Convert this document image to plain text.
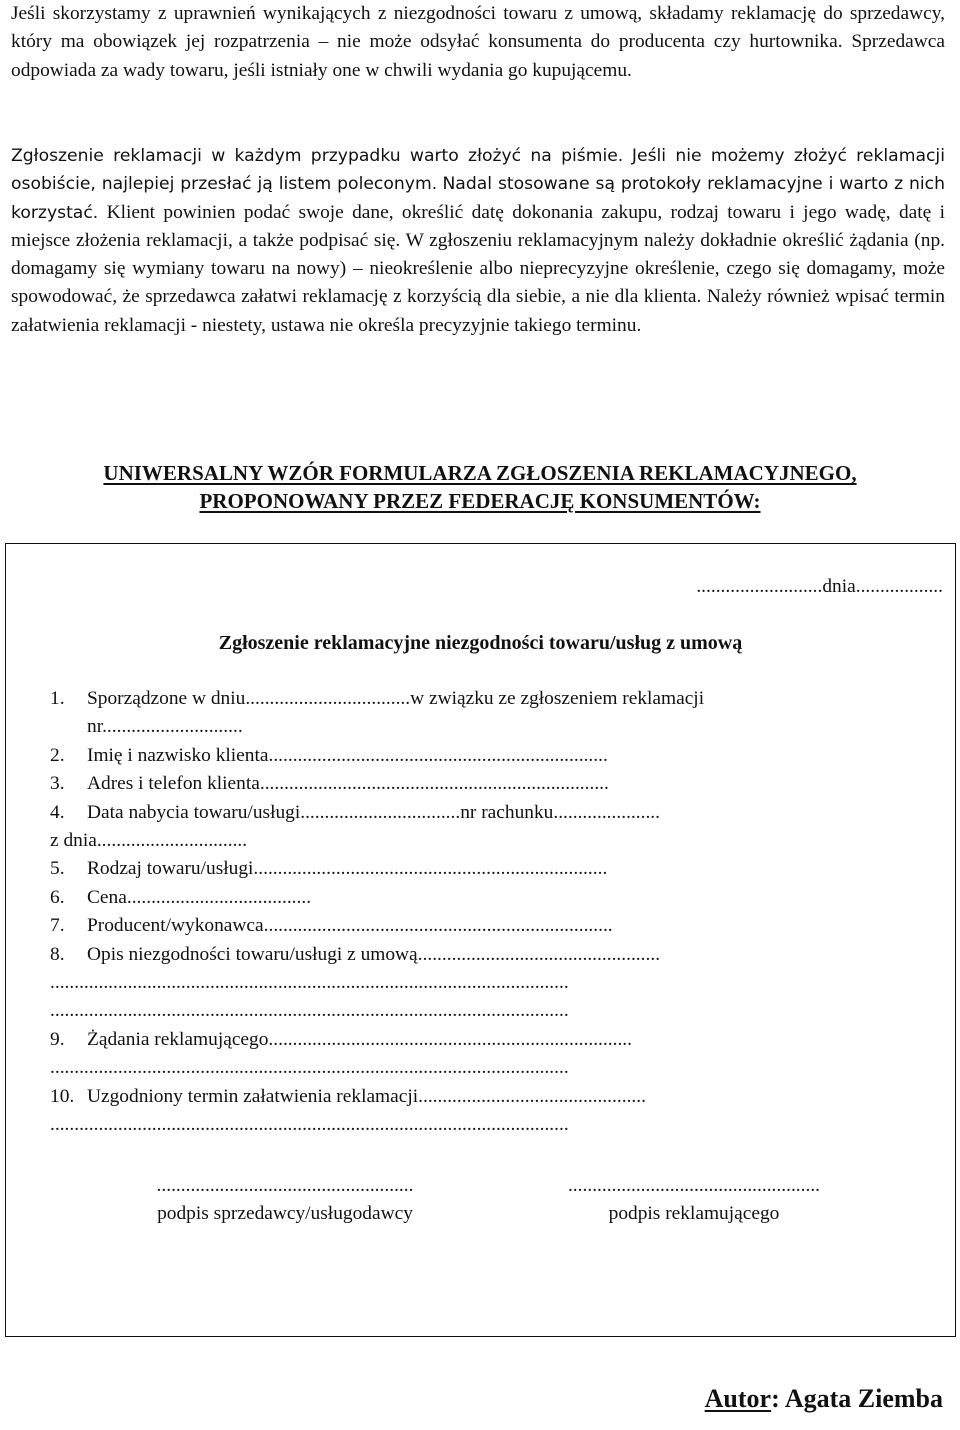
Jeśli skorzystamy z uprawnień wynikających z niezgodności towaru z umową, składamy reklamację do sprzedawcy, który ma obowiązek jej rozpatrzenia – nie może odsyłać konsumenta do producenta czy hurtownika. Sprzedawca odpowiada za wady towaru, jeśli istniały one w chwili wydania go kupującemu.

Zgłoszenie reklamacji w każdym przypadku warto złożyć na piśmie. Jeśli nie możemy złożyć reklamacji osobiście, najlepiej przesłać ją listem poleconym. Nadal stosowane są protokoły reklamacyjne i warto z nich korzystać. Klient powinien podać swoje dane, określić datę dokonania zakupu, rodzaj towaru i jego wadę, datę i miejsce złożenia reklamacji, a także podpisać się. W zgłoszeniu reklamacyjnym należy dokładnie określić żądania (np. domagamy się wymiany towaru na nowy) – nieokreślenie albo nieprecyzyjne określenie, czego się domagamy, może spowodować, że sprzedawca załatwi reklamację z korzyścią dla siebie, a nie dla klienta. Należy również wpisać termin załatwienia reklamacji - niestety, ustawa nie określa precyzyjnie takiego terminu.

UNIWERSALNY WZÓR FORMULARZA ZGŁOSZENIA REKLAMACYJNEGO,

PROPONOWANY PRZEZ FEDERACJĘ KONSUMENTÓW:

..........................dnia..................
Zgłoszenie reklamacyjne niezgodności towaru/usług z umową
1.	Sporządzone w dniu..................................w związku ze zgłoszeniem reklamacji
nr.............................
2.	Imię i nazwisko klienta......................................................................
3.	Adres i telefon klienta........................................................................
4.	Data nabycia towaru/usługi.................................nr rachunku......................
z dnia...............................
5.	Rodzaj towaru/usługi.........................................................................
6.	Cena......................................
7.	Producent/wykonawca........................................................................
8.	Opis niezgodności towaru/usługi z umową..................................................
...........................................................................................................
...........................................................................................................
9.	Żądania reklamującego...........................................................................
...........................................................................................................
10. Uzgodniony termin załatwienia reklamacji...............................................
...........................................................................................................
.....................................................
podpis sprzedawcy/usługodawcy
....................................................
podpis reklamującego
Autor: Agata Ziemba
